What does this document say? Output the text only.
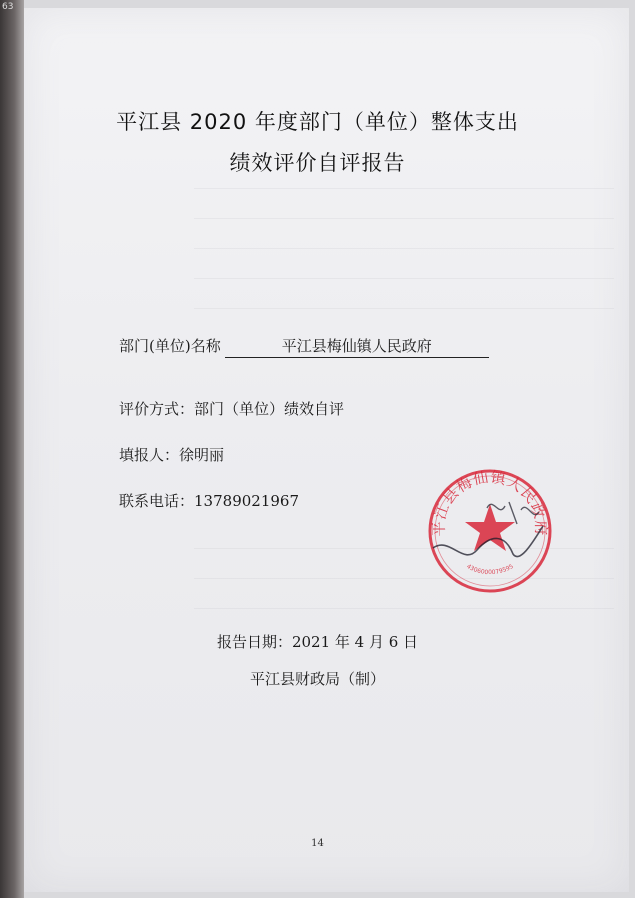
63
平江县 2020 年度部门（单位）整体支出
绩效评价自评报告
部门(单位)名称	平江县梅仙镇人民政府
评价方式：部门（单位）绩效自评
填报人：徐明丽
联系电话：13789021967
平江县梅仙镇人民政府
4306000079595
报告日期：2021 年 4 月 6 日
平江县财政局（制）
14
